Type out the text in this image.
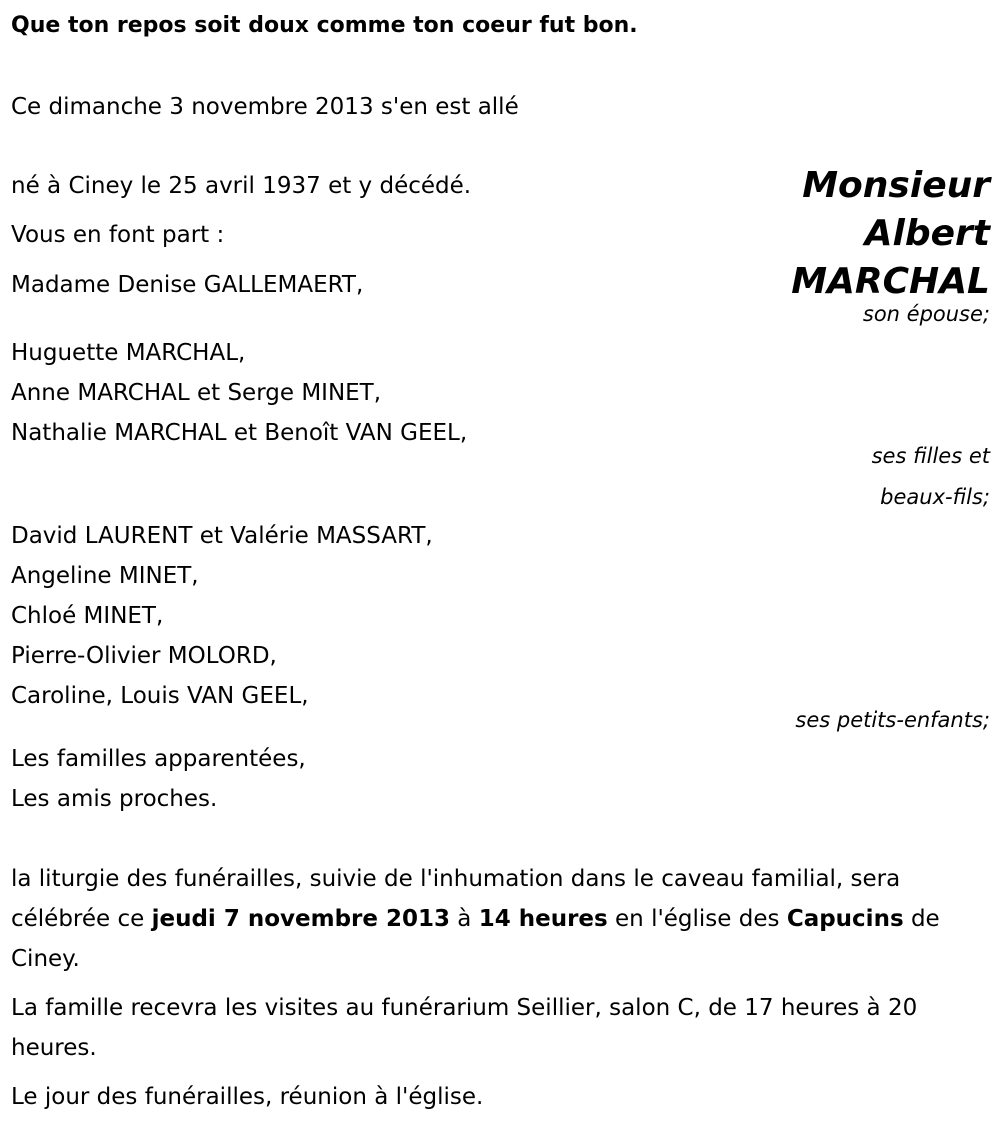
Que ton repos soit doux comme ton coeur fut bon.
Ce dimanche 3 novembre 2013 s'en est allé
Monsieur
Albert
MARCHAL
né à Ciney le 25 avril 1937 et y décédé.
Vous en font part :
Madame Denise GALLEMAERT,
son épouse;
Huguette MARCHAL,
Anne MARCHAL et Serge MINET,
Nathalie MARCHAL et Benoît VAN GEEL,
ses filles et
beaux-fils;
David LAURENT et Valérie MASSART,
Angeline MINET,
Chloé MINET,
Pierre-Olivier MOLORD,
Caroline, Louis VAN GEEL,
ses petits-enfants;
Les familles apparentées,
Les amis proches.
la liturgie des funérailles, suivie de l'inhumation dans le caveau familial, sera célébrée ce jeudi 7 novembre 2013 à 14 heures en l'église des Capucins de Ciney.
La famille recevra les visites au funérarium Seillier, salon C, de 17 heures à 20 heures.
Le jour des funérailles, réunion à l'église.
